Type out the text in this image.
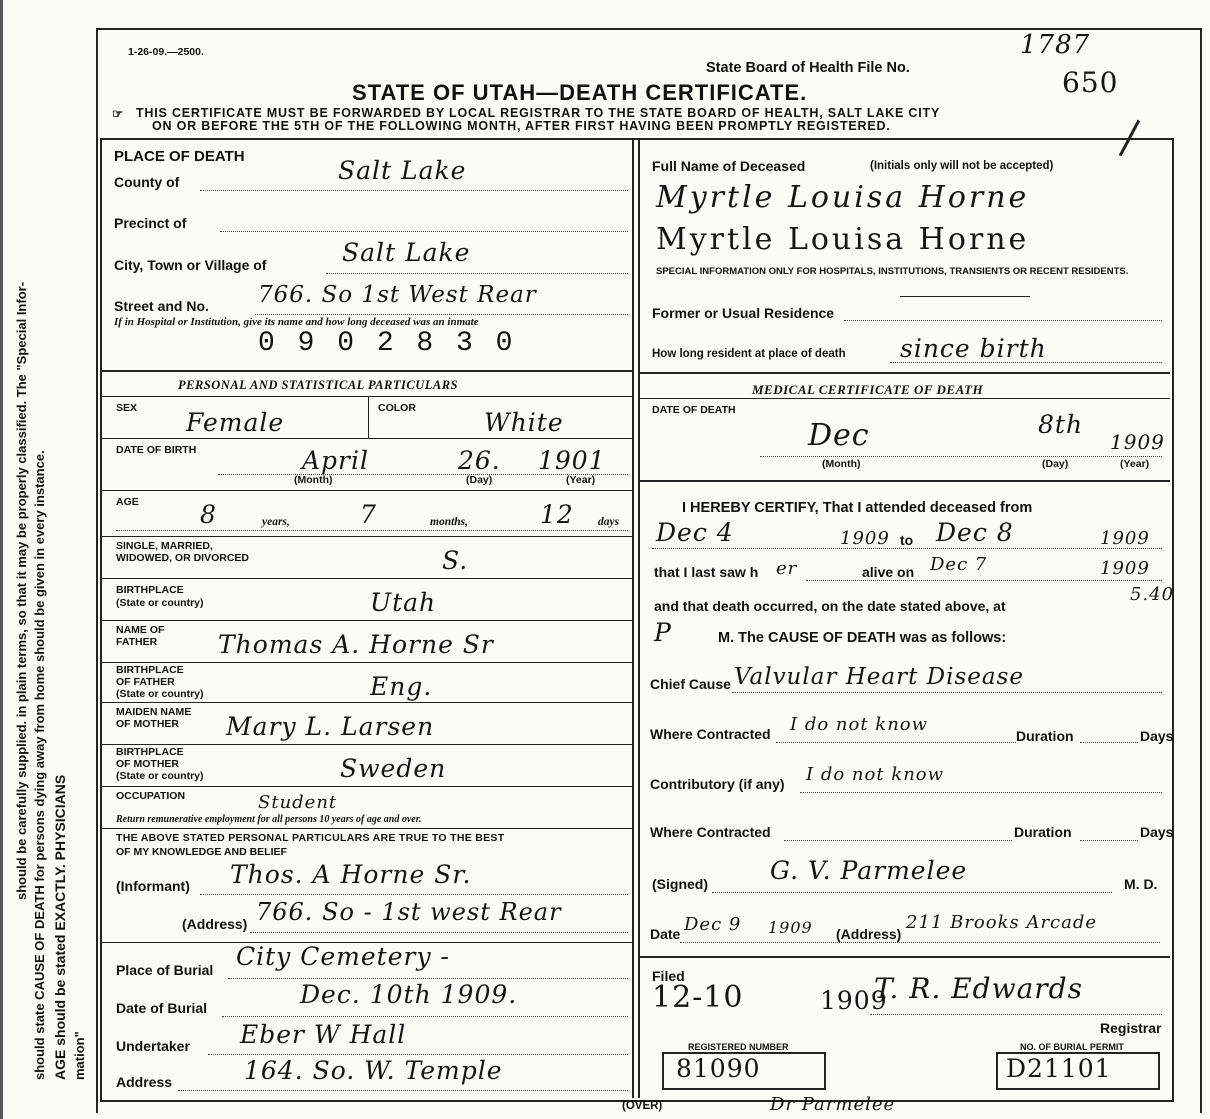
AGE should be stated EXACTLY. PHYSICIANS
should be carefully supplied. in plain terms, so that it may be properly classified. The "Special Infor- should state CAUSE OF DEATH for persons dying away from home should be given in every instance. mation"
1-26-09.—2500.
State Board of Health File No.
1787
650
STATE OF UTAH—DEATH CERTIFICATE.
☞ THIS CERTIFICATE MUST BE FORWARDED BY LOCAL REGISTRAR TO THE STATE BOARD OF HEALTH, SALT LAKE CITY
ON OR BEFORE THE 5TH OF THE FOLLOWING MONTH, AFTER FIRST HAVING BEEN PROMPTLY REGISTERED.
PLACE OF DEATH
County of	Salt Lake
Precinct of
City, Town or Village of	Salt Lake
Street and No. 766. So 1st West Rear
If in Hospital or Institution, give its name and how long deceased was an inmate
0 9 0 2 8 3 0
Full Name of Deceased	(Initials only will not be accepted)
Myrtle Louisa Horne
Myrtle Louisa Horne
SPECIAL INFORMATION ONLY FOR HOSPITALS, INSTITUTIONS, TRANSIENTS OR RECENT RESIDENTS.
Former or Usual Residence
How long resident at place of death since birth
PERSONAL AND STATISTICAL PARTICULARS
SEX Female	COLOR	White
DATE OF BIRTH	April	26. 1901
(Month)	(Day)	(Year)
AGE 8	years,	7	months,	12 days
SINGLE, MARRIED,
WIDOWED, OR DIVORCED	S.
BIRTHPLACE
(State or country)	Utah
NAME OF
FATHER Thomas A. Horne Sr
BIRTHPLACE
OF FATHER
(State or country)	Eng.
MAIDEN NAME
OF MOTHER Mary L. Larsen
BIRTHPLACE
OF MOTHER
(State or country)	Sweden
OCCUPATION	Student
Return remunerative employment for all persons 10 years of age and over.
THE ABOVE STATED PERSONAL PARTICULARS ARE TRUE TO THE BEST
OF MY KNOWLEDGE AND BELIEF
(Informant) Thos. A Horne Sr.
(Address) 766. So - 1st west Rear
Place of Burial City Cemetery -
Date of Burial	Dec. 10th 1909.
Undertaker Eber W Hall
Address	164. So. W. Temple
MEDICAL CERTIFICATE OF DEATH
DATE OF DEATH
Dec	8th
1909
(Month)	(Day)	(Year)
I HEREBY CERTIFY, That I attended deceased from
Dec 4	1909 to Dec 8	1909
that I last saw h er	alive on Dec 7	1909
and that death occurred, on the date stated above, at
5.40
P	M. The CAUSE OF DEATH was as follows:
Chief Cause Valvular Heart Disease
Where Contracted I do not know
Duration	Days
Contributory (if any) I do not know
Where Contracted	Duration	Days
(Signed) G. V. Parmelee	M. D.
Date Dec 9 1909 (Address)
211 Brooks Arcade
Filed
12-10	1909
T. R. Edwards
Registrar
REGISTERED NUMBER
81090
NO. OF BURIAL PERMIT
D21101
(OVER)	Dr Parmelee
